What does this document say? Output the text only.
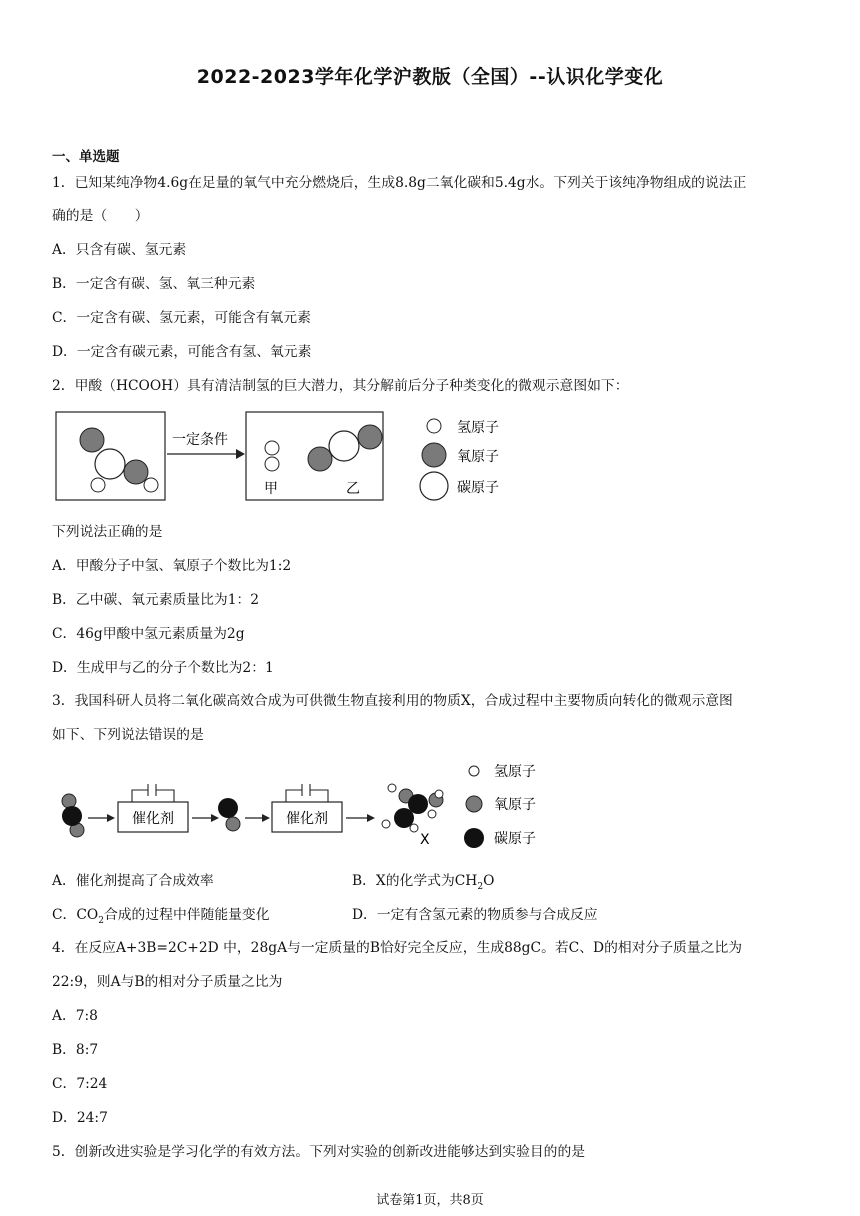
2022-2023学年化学沪教版（全国）--认识化学变化
一、单选题
1．已知某纯净物4.6g在足量的氧气中充分燃烧后，生成8.8g二氧化碳和5.4g水。下列关于该纯净物组成的说法正
确的是（　　）
A．只含有碳、氢元素
B．一定含有碳、氢、氧三种元素
C．一定含有碳、氢元素，可能含有氧元素
D．一定含有碳元素，可能含有氢、氧元素
2．甲酸（HCOOH）具有清洁制氢的巨大潜力，其分解前后分子种类变化的微观示意图如下：
一定条件
甲	乙
氢原子
氧原子
碳原子
下列说法正确的是
A．甲酸分子中氢、氧原子个数比为1:2
B．乙中碳、氧元素质量比为1：2
C．46g甲酸中氢元素质量为2g
D．生成甲与乙的分子个数比为2：1
3．我国科研人员将二氧化碳高效合成为可供微生物直接利用的物质X，合成过程中主要物质向转化的微观示意图
如下、下列说法错误的是
催化剂	催化剂
X
氢原子
氧原子
碳原子
A．催化剂提高了合成效率	B．X的化学式为$CH_2O$
C．$CO_2$合成的过程中伴随能量变化	D．一定有含氢元素的物质参与合成反应
4．在反应A+3B=2C+2D 中，28gA与一定质量的B恰好完全反应，生成88gC。若C、D的相对分子质量之比为
22:9，则A与B的相对分子质量之比为
A．7:8
B．8:7
C．7:24
D．24:7
5．创新改进实验是学习化学的有效方法。下列对实验的创新改进能够达到实验目的的是
试卷第1页，共8页
